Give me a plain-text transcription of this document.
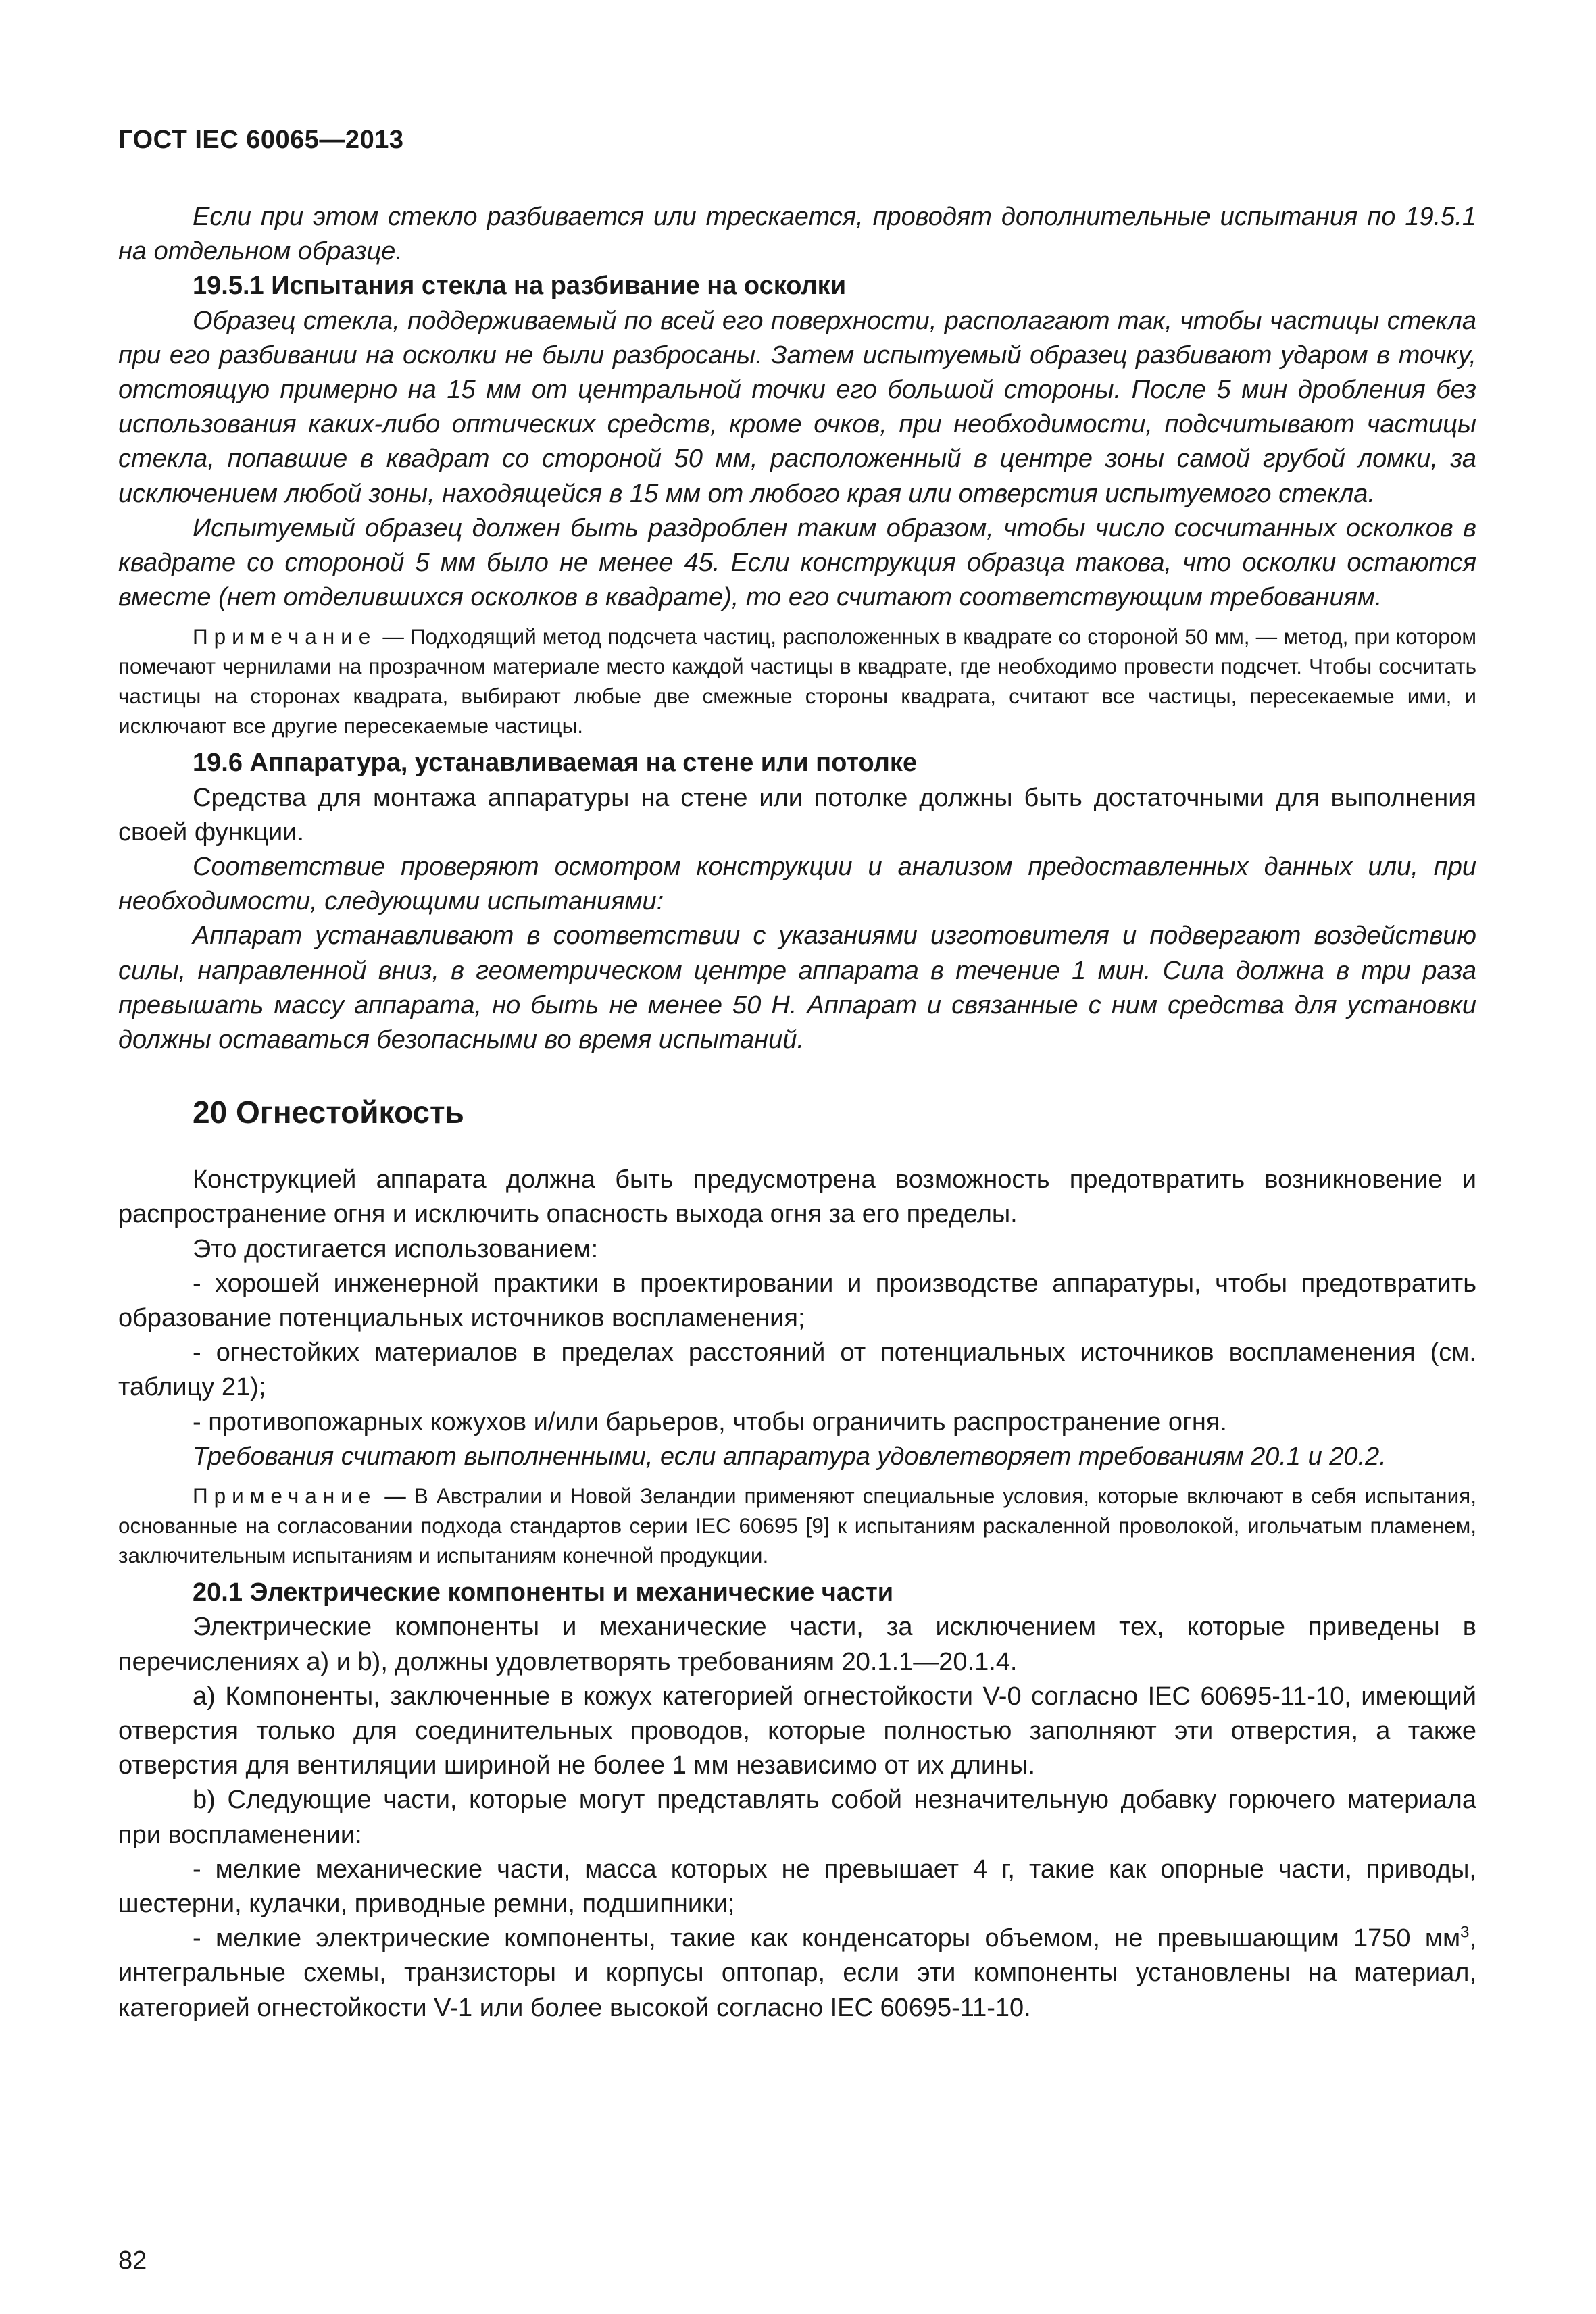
ГОСТ IEC 60065—2013

Если при этом стекло разбивается или трескается, проводят дополнительные испытания по 19.5.1 на отдельном образце.

19.5.1 Испытания стекла на разбивание на осколки

Образец стекла, поддерживаемый по всей его поверхности, располагают так, чтобы частицы стекла при его разбивании на осколки не были разбросаны. Затем испытуемый образец разбивают ударом в точку, отстоящую примерно на 15 мм от центральной точки его большой стороны. После 5 мин дробления без использования каких-либо оптических средств, кроме очков, при необходимости, подсчитывают частицы стекла, попавшие в квадрат со стороной 50 мм, расположенный в центре зоны самой грубой ломки, за исключением любой зоны, находящейся в 15 мм от любого края или отверстия испытуемого стекла.

Испытуемый образец должен быть раздроблен таким образом, чтобы число сосчитанных осколков в квадрате со стороной 5 мм было не менее 45. Если конструкция образца такова, что осколки остаются вместе (нет отделившихся осколков в квадрате), то его считают соответствующим требованиям.

Примечание — Подходящий метод подсчета частиц, расположенных в квадрате со стороной 50 мм, — метод, при котором помечают чернилами на прозрачном материале место каждой частицы в квадрате, где необходимо провести подсчет. Чтобы сосчитать частицы на сторонах квадрата, выбирают любые две смежные стороны квадрата, считают все частицы, пересекаемые ими, и исключают все другие пересекаемые частицы.

19.6 Аппаратура, устанавливаемая на стене или потолке

Средства для монтажа аппаратуры на стене или потолке должны быть достаточными для выполнения своей функции.

Соответствие проверяют осмотром конструкции и анализом предоставленных данных или, при необходимости, следующими испытаниями:

Аппарат устанавливают в соответствии с указаниями изготовителя и подвергают воздействию силы, направленной вниз, в геометрическом центре аппарата в течение 1 мин. Сила должна в три раза превышать массу аппарата, но быть не менее 50 Н. Аппарат и связанные с ним средства для установки должны оставаться безопасными во время испытаний.

20 Огнестойкость

Конструкцией аппарата должна быть предусмотрена возможность предотвратить возникновение и распространение огня и исключить опасность выхода огня за его пределы.

Это достигается использованием:

- хорошей инженерной практики в проектировании и производстве аппаратуры, чтобы предотвратить образование потенциальных источников воспламенения;

- огнестойких материалов в пределах расстояний от потенциальных источников воспламенения (см. таблицу 21);

- противопожарных кожухов и/или барьеров, чтобы ограничить распространение огня.

Требования считают выполненными, если аппаратура удовлетворяет требованиям 20.1 и 20.2.

Примечание — В Австралии и Новой Зеландии применяют специальные условия, которые включают в себя испытания, основанные на согласовании подхода стандартов серии IEC 60695 [9] к испытаниям раскаленной проволокой, игольчатым пламенем, заключительным испытаниям и испытаниям конечной продукции.

20.1 Электрические компоненты и механические части

Электрические компоненты и механические части, за исключением тех, которые приведены в перечислениях а) и b), должны удовлетворять требованиям 20.1.1—20.1.4.

а) Компоненты, заключенные в кожух категорией огнестойкости V-0 согласно IEC 60695-11-10, имеющий отверстия только для соединительных проводов, которые полностью заполняют эти отверстия, а также отверстия для вентиляции шириной не более 1 мм независимо от их длины.

b) Следующие части, которые могут представлять собой незначительную добавку горючего материала при воспламенении:

- мелкие механические части, масса которых не превышает 4 г, такие как опорные части, приводы, шестерни, кулачки, приводные ремни, подшипники;

- мелкие электрические компоненты, такие как конденсаторы объемом, не превышающим 1750 $мм^3$, интегральные схемы, транзисторы и корпусы оптопар, если эти компоненты установлены на материал, категорией огнестойкости V-1 или более высокой согласно IEC 60695-11-10.

82
